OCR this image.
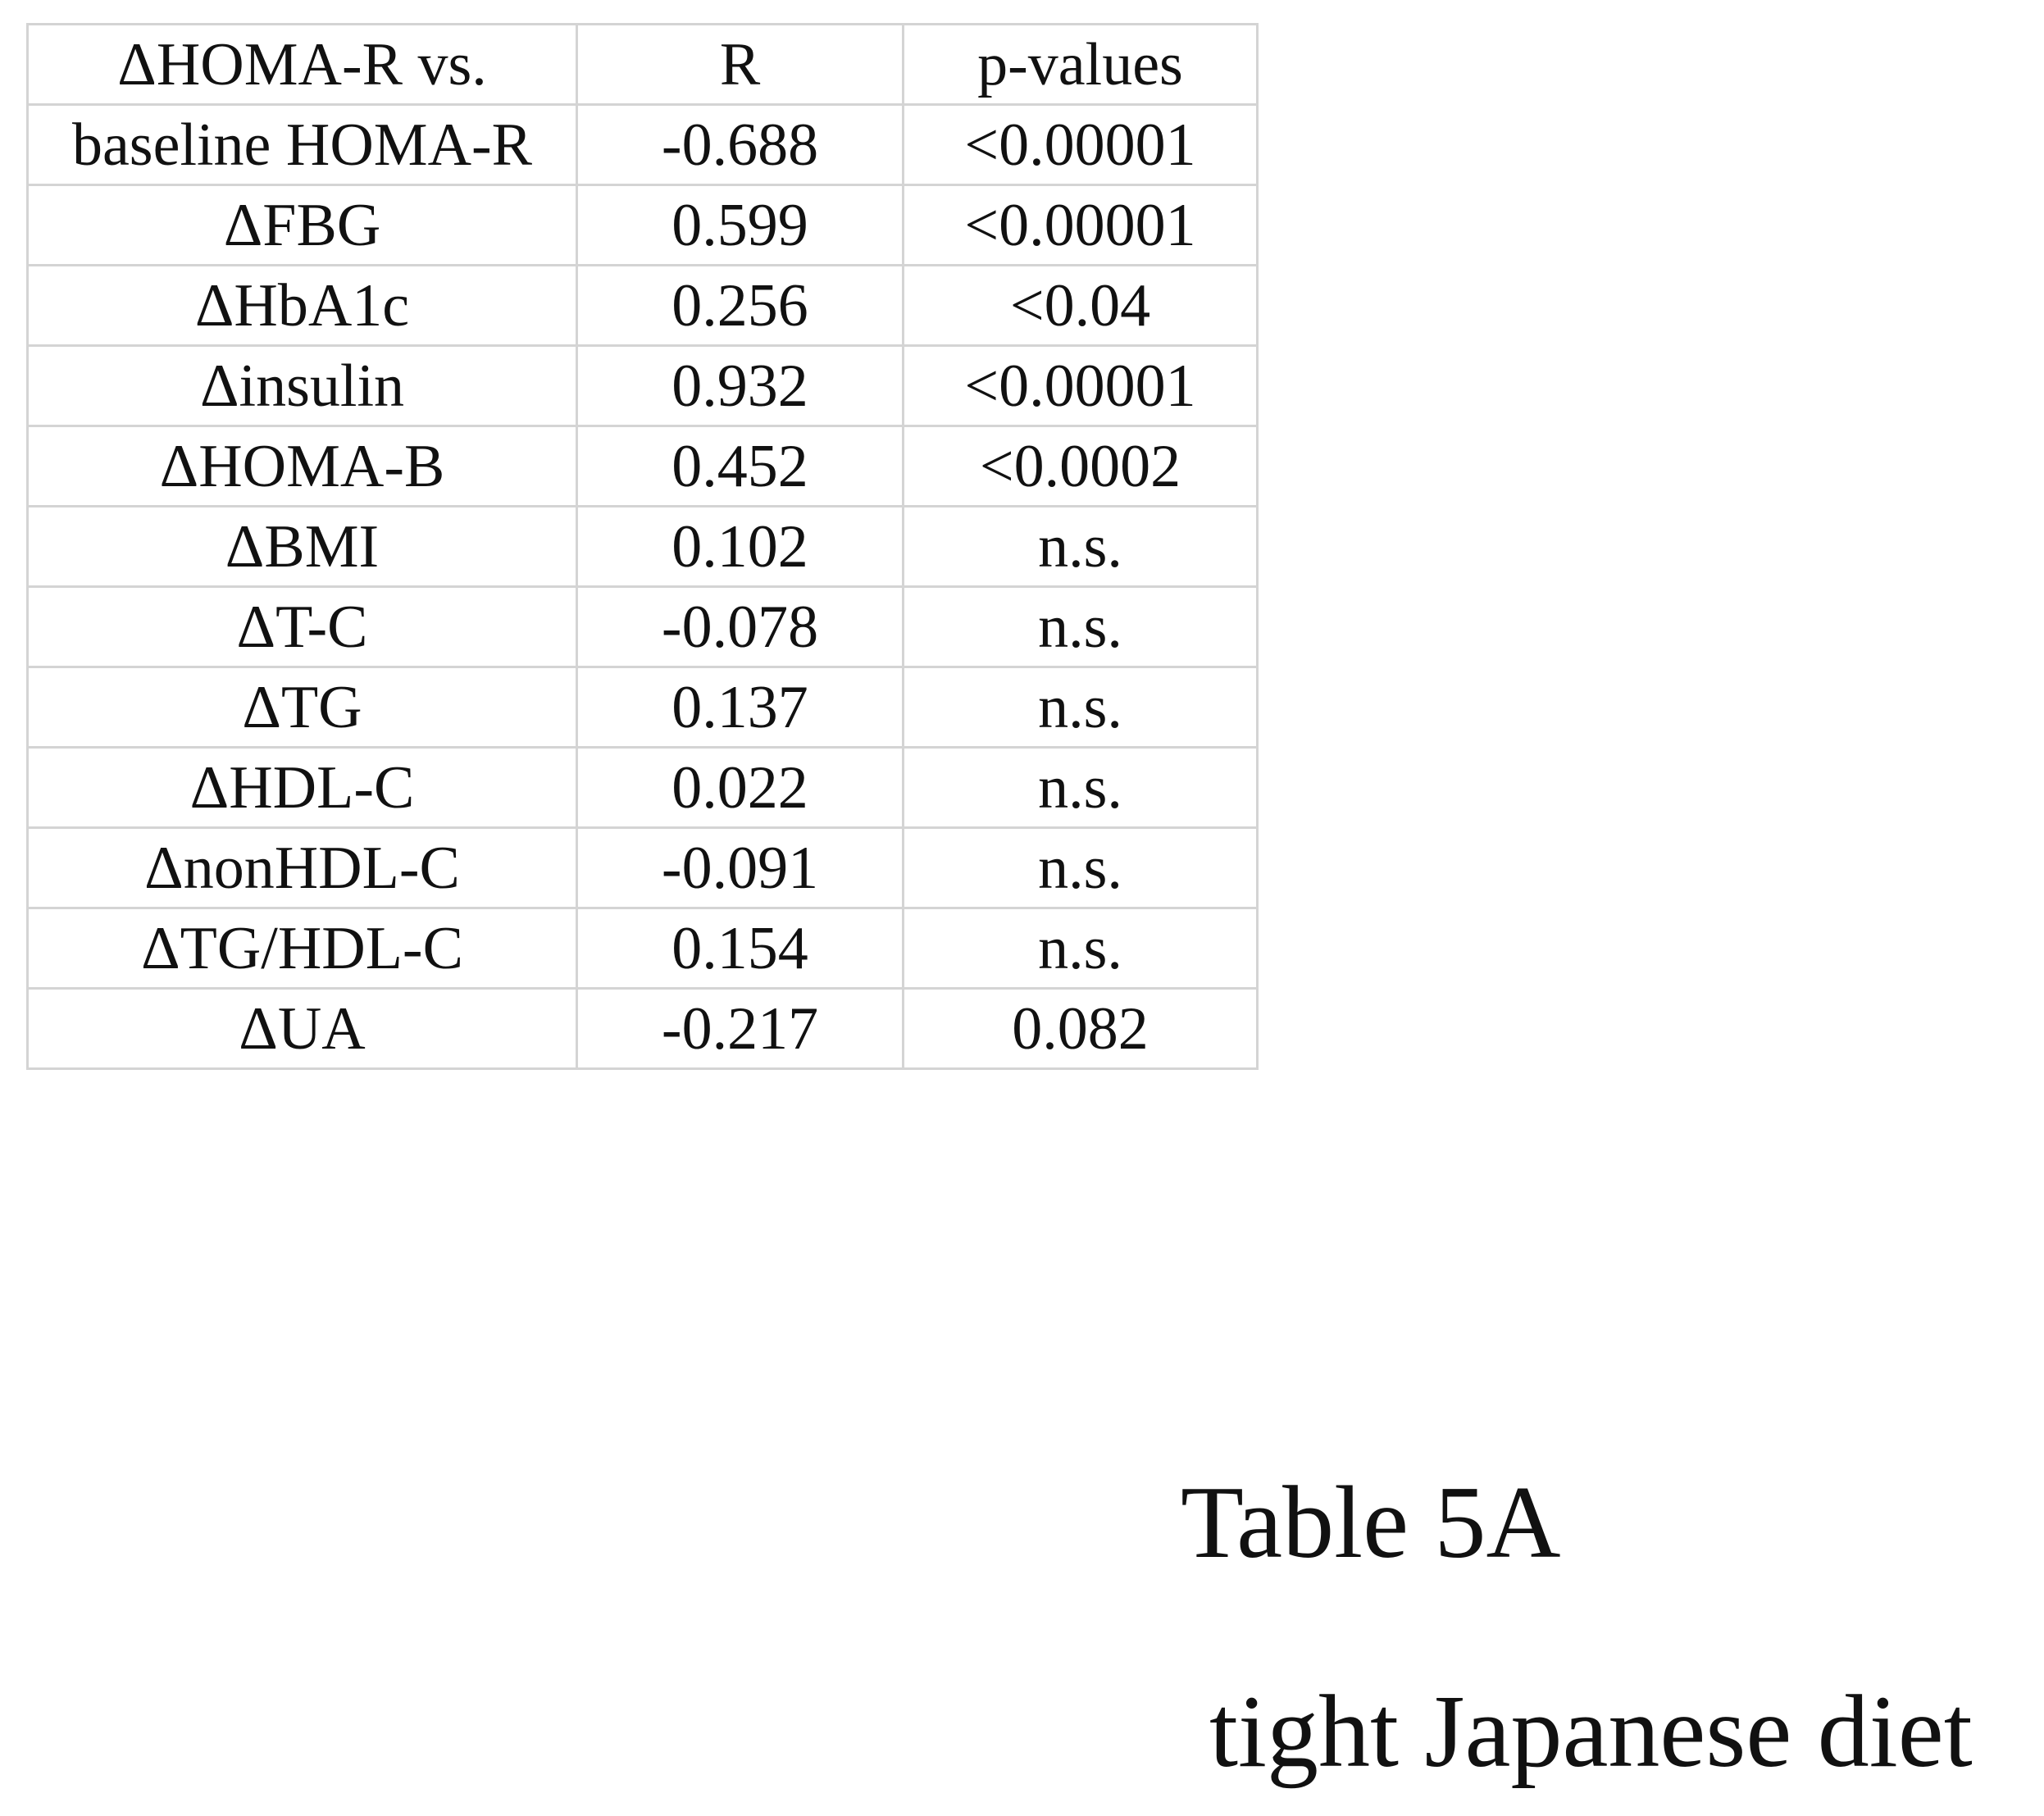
ΔHOMA-R vs.	R	p-values
baseline HOMA-R	-0.688	<0.00001
ΔFBG	0.599	<0.00001
ΔHbA1c	0.256	<0.04
Δinsulin	0.932	<0.00001
ΔHOMA-B	0.452	<0.0002
ΔBMI	0.102	n.s.
ΔT-C	-0.078	n.s.
ΔTG	0.137	n.s.
ΔHDL-C	0.022	n.s.
ΔnonHDL-C	-0.091	n.s.
ΔTG/HDL-C	0.154	n.s.
ΔUA	-0.217	0.082
Table 5A
tight Japanese diet
